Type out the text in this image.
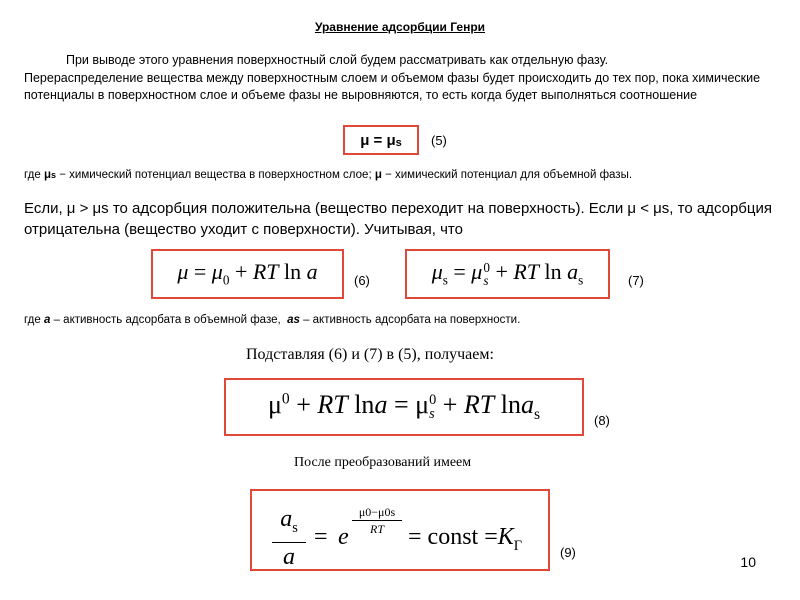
Уравнение адсорбции Генри
При выводе этого уравнения поверхностный слой будем рассматривать как отдельную фазу.
Перераспределение вещества между поверхностным слоем и объемом фазы будет происходить до тех пор, пока химические потенциалы в поверхностном слое и объеме фазы не выровняются, то есть когда будет выполняться соотношение
μ = μ s (5)
где μs − химический потенциал вещества в поверхностном слое; μ − химический потенциал для объемной фазы.
Если, μ > μs то адсорбция положительна (вещество переходит на поверхность). Если μ < μs, то адсорбция отрицательна (вещество уходит с поверхности). Учитывая, что
$\mu = \mu_0$ + RT ln a	(6)	$\mu_s = \mu$ 0
s + RT $\ln a_s$	(7)
где a – активность адсорбата в объемной фазе,  as – активность адсорбата на поверхности.
Подставляя (6) и (7) в (5), получаем:
$\mu^0$ + RT lna = μ 0
s + RT lna$_s$	(8)
После преобразований имеем
$a_s$
a
= e
μ0−μ0s
RT = const $=K_Г$	(9)
10
